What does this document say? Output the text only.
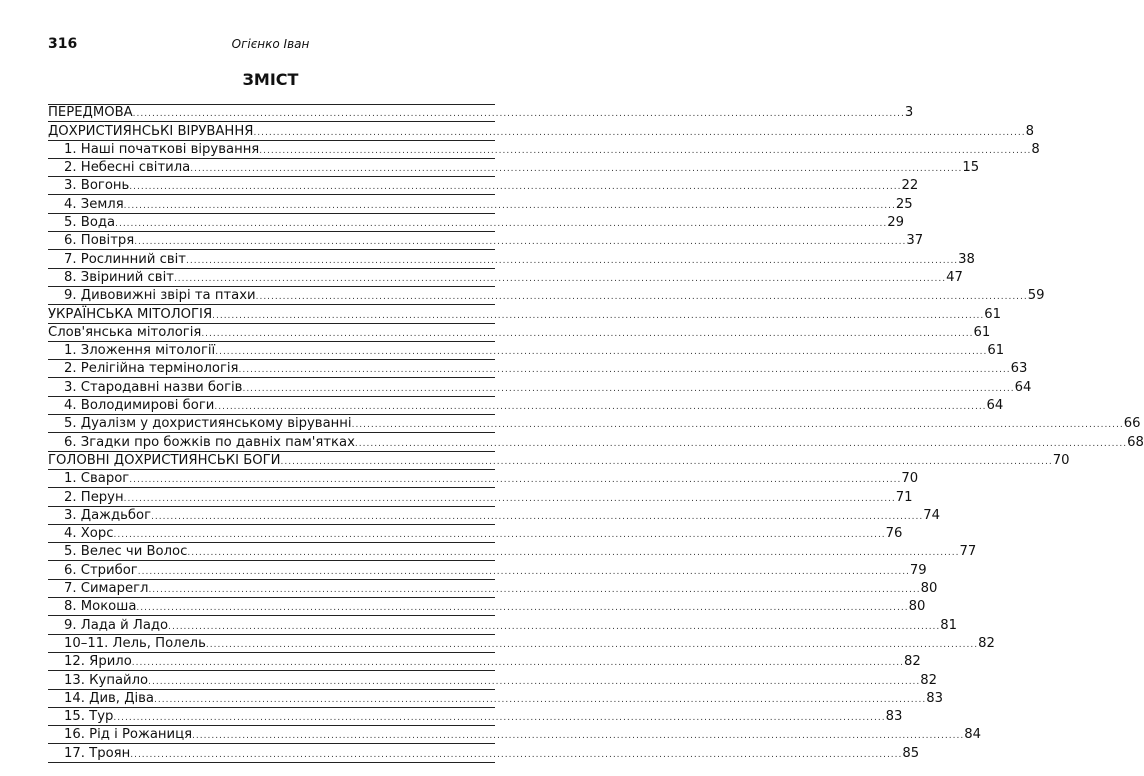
316	Огієнко Іван
ЗМІСТ
ПЕРЕДМОВА ........................................................................................................................................................................................................ 3
ДОХРИСТИЯНСЬКІ ВІРУВАННЯ ........................................................................................................................................................................................................ 8
1. Наші початкові вірування ........................................................................................................................................................................................................ 8
2. Небесні світила ........................................................................................................................................................................................................ 15
3. Вогонь ........................................................................................................................................................................................................ 22
4. Земля ........................................................................................................................................................................................................ 25
5. Вода ........................................................................................................................................................................................................ 29
6. Повітря ........................................................................................................................................................................................................ 37
7. Рослинний світ ........................................................................................................................................................................................................ 38
8. Звіриний світ ........................................................................................................................................................................................................ 47
9. Дивовижні звірі та птахи ........................................................................................................................................................................................................ 59
УКРАЇНСЬКА МІТОЛОГІЯ ........................................................................................................................................................................................................ 61
Слов'янська мітологія ........................................................................................................................................................................................................ 61
1. Зложення мітології ........................................................................................................................................................................................................ 61
2. Релігійна термінологія ........................................................................................................................................................................................................ 63
3. Стародавні назви богів ........................................................................................................................................................................................................ 64
4. Володимирові боги ........................................................................................................................................................................................................ 64
5. Дуалізм у дохристиянському віруванні ........................................................................................................................................................................................................ 66
6. Згадки про божків по давніх пам'ятках ........................................................................................................................................................................................................ 68
ГОЛОВНІ ДОХРИСТИЯНСЬКІ БОГИ ........................................................................................................................................................................................................ 70
1. Сварог ........................................................................................................................................................................................................ 70
2. Перун ........................................................................................................................................................................................................ 71
3. Даждьбог ........................................................................................................................................................................................................ 74
4. Хорс ........................................................................................................................................................................................................ 76
5. Велес чи Волос ........................................................................................................................................................................................................ 77
6. Стрибог ........................................................................................................................................................................................................ 79
7. Симарегл ........................................................................................................................................................................................................ 80
8. Мокоша ........................................................................................................................................................................................................ 80
9. Лада й Ладо ........................................................................................................................................................................................................ 81
10–11. Лель, Полель ........................................................................................................................................................................................................ 82
12. Ярило ........................................................................................................................................................................................................ 82
13. Купайло ........................................................................................................................................................................................................ 82
14. Див, Діва ........................................................................................................................................................................................................ 83
15. Тур ........................................................................................................................................................................................................ 83
16. Рід і Рожаниця ........................................................................................................................................................................................................ 84
17. Троян ........................................................................................................................................................................................................ 85
